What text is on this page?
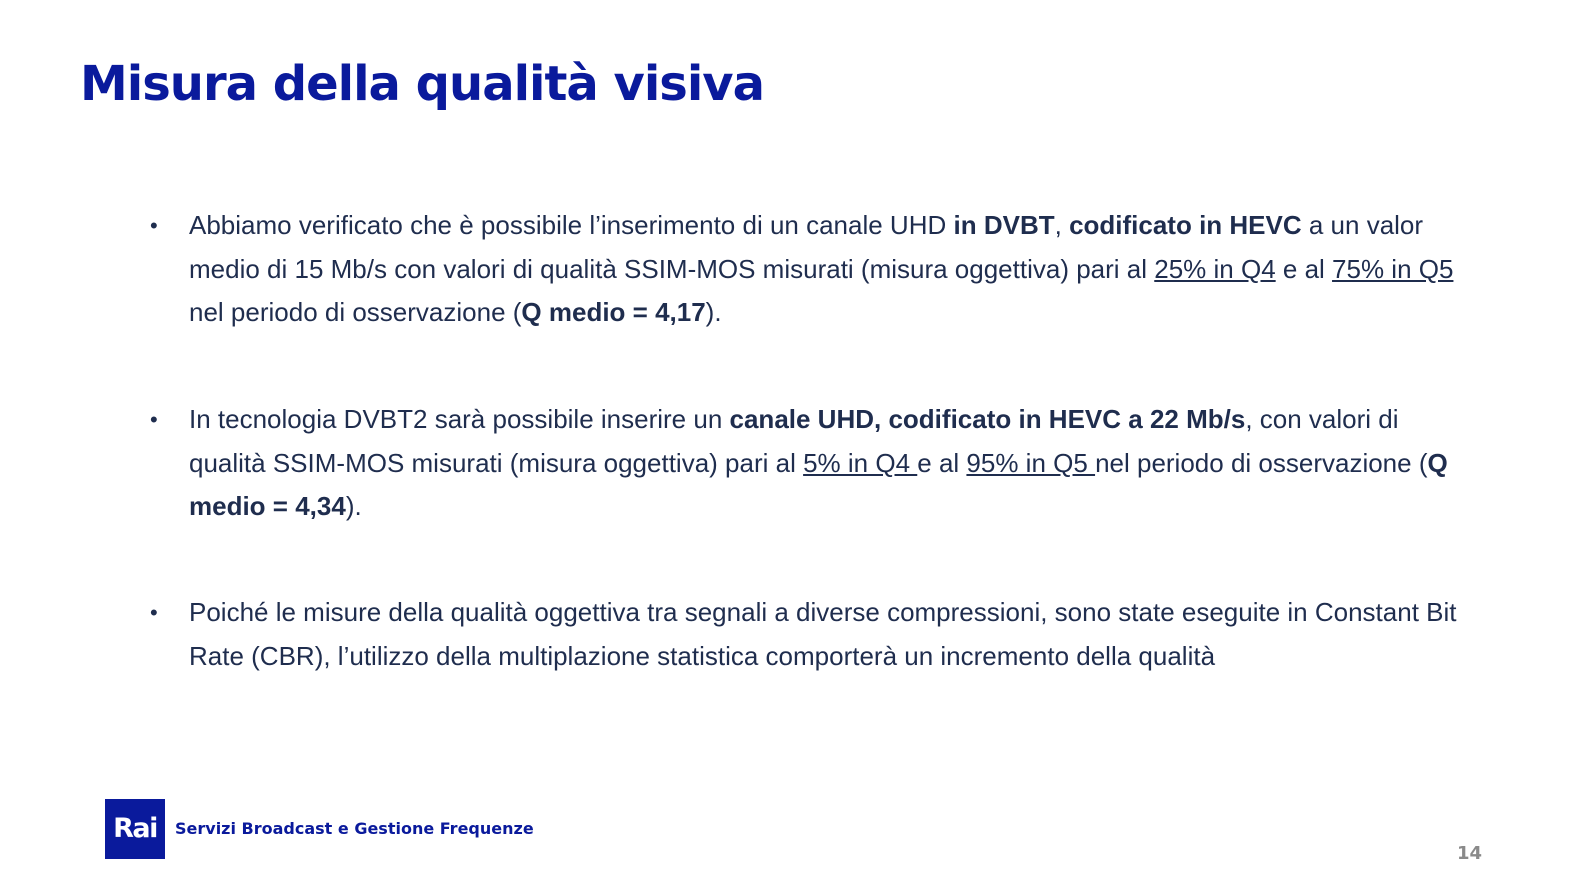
Misura della qualità visiva
•	Abbiamo verificato che è possibile l’inserimento di un canale UHD in DVBT, codificato in HEVC a un valor medio di 15 Mb/s con valori di qualità SSIM-MOS misurati (misura oggettiva) pari al 25% in Q4 e al 75% in Q5 nel periodo di osservazione (Q medio = 4,17).
•	In tecnologia DVBT2 sarà possibile inserire un canale UHD, codificato in HEVC a 22 Mb/s, con valori di qualità SSIM-MOS misurati (misura oggettiva) pari al 5% in Q4 e al 95% in Q5 nel periodo di osservazione (Q medio = 4,34).
•	Poiché le misure della qualità oggettiva tra segnali a diverse compressioni, sono state eseguite in Constant Bit Rate (CBR), l’utilizzo della multiplazione statistica comporterà un incremento della qualità
Rai	Servizi Broadcast e Gestione Frequenze
14
